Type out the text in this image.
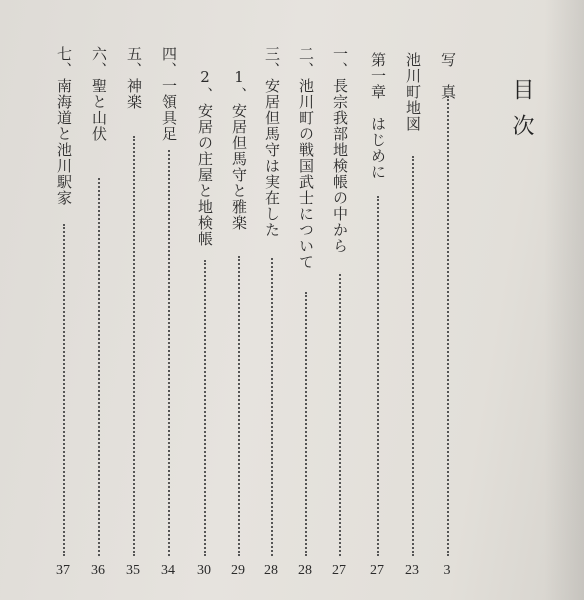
目次
写　真
3
池川町地図
23
第一章　はじめに
27
一、長宗我部地検帳の中から
27
二、池川町の戦国武士について
28
三、安居但馬守は実在した
28
1、安居但馬守と雅楽
29
2、安居の庄屋と地検帳
30
四、一領具足
34
五、神楽
35
六、聖と山伏
36
七、南海道と池川駅家
37
